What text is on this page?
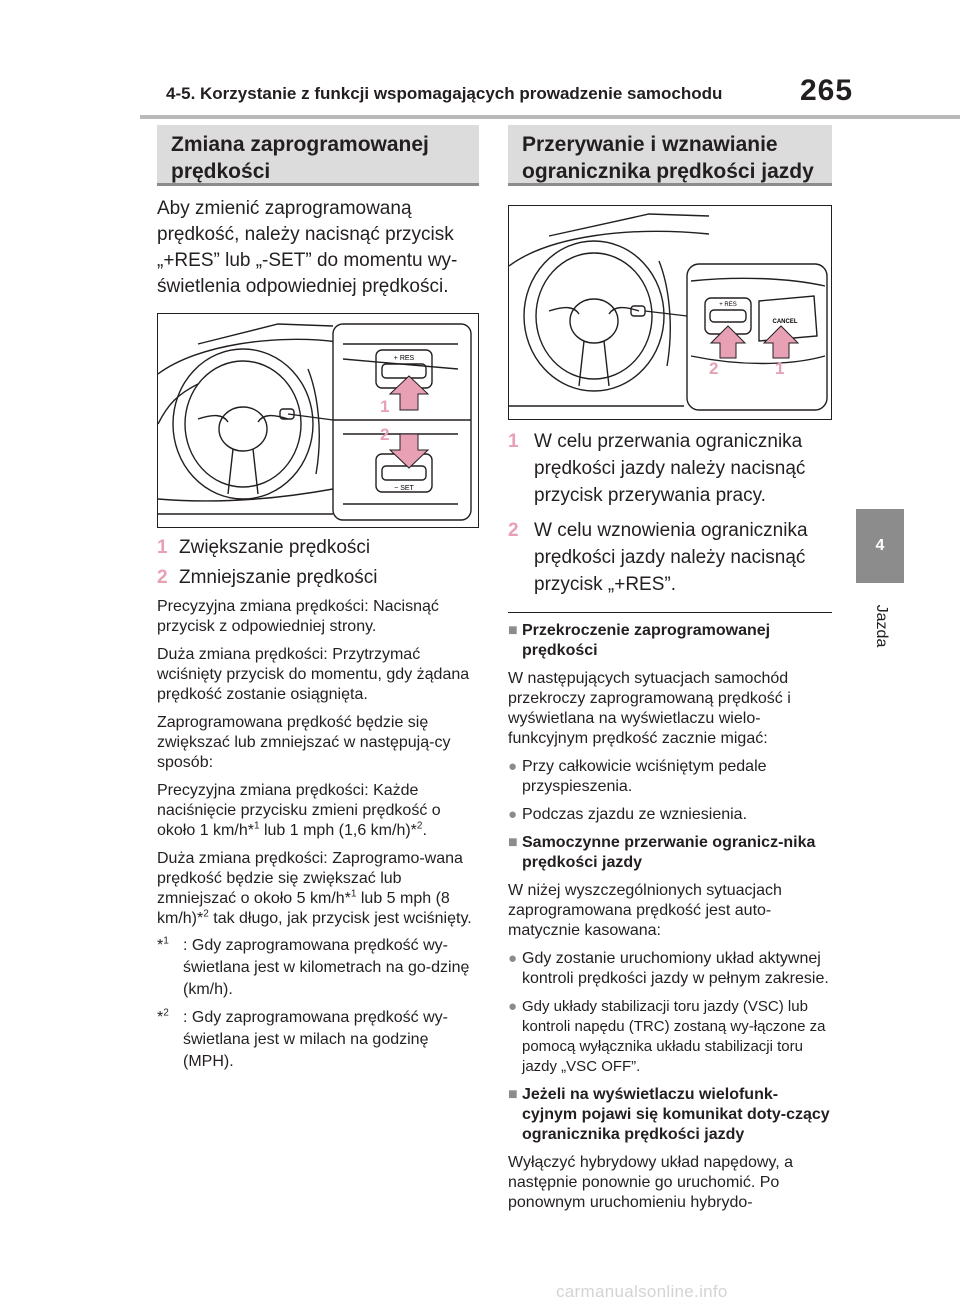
4-5. Korzystanie z funkcji wspomagających prowadzenie samochodu	265
4
Jazda
Zmiana zaprogramowanej prędkości
Aby zmienić zaprogramowaną prędkość, należy nacisnąć przycisk „+RES” lub „-SET” do momentu wy-świetlenia odpowiedniej prędkości.
+ RES
− SET
1
2
1 Zwiększanie prędkości
2 Zmniejszanie prędkości
Precyzyjna zmiana prędkości: Nacisnąć przycisk z odpowiedniej strony.
Duża zmiana prędkości: Przytrzymać wciśnięty przycisk do momentu, gdy żądana prędkość zostanie osiągnięta.
Zaprogramowana prędkość będzie się zwiększać lub zmniejszać w następują-cy sposób:
Precyzyjna zmiana prędkości: Każde naciśnięcie przycisku zmieni prędkość o około 1 km/h*$^1$ lub 1 mph (1,6 km/h)*$^2$.
Duża zmiana prędkości: Zaprogramo-wana prędkość będzie się zwiększać lub zmniejszać o około 5 km/h*$^1$ lub 5 mph (8 km/h)*$^2$ tak długo, jak przycisk jest wciśnięty.
*$^1$ : Gdy zaprogramowana prędkość wy-świetlana jest w kilometrach na go-dzinę (km/h).
*$^2$ : Gdy zaprogramowana prędkość wy-świetlana jest w milach na godzinę (MPH).
Przerywanie i wznawianie ogranicznika prędkości jazdy
+ RES
CANCEL
2	1
1 W celu przerwania ogranicznika prędkości jazdy należy nacisnąć przycisk przerywania pracy.
2 W celu wznowienia ogranicznika prędkości jazdy należy nacisnąć przycisk „+RES”.
■ Przekroczenie zaprogramowanej prędkości
W następujących sytuacjach samochód przekroczy zaprogramowaną prędkość i wyświetlana na wyświetlaczu wielo-funkcyjnym prędkość zacznie migać:
● Przy całkowicie wciśniętym pedale przyspieszenia.
● Podczas zjazdu ze wzniesienia.
■ Samoczynne przerwanie ogranicz-nika prędkości jazdy
W niżej wyszczególnionych sytuacjach zaprogramowana prędkość jest auto-matycznie kasowana:
● Gdy zostanie uruchomiony układ aktywnej kontroli prędkości jazdy w pełnym zakresie.
● Gdy układy stabilizacji toru jazdy (VSC) lub kontroli napędu (TRC) zostaną wy-łączone za pomocą wyłącznika układu stabilizacji toru jazdy „VSC OFF”.
■ Jeżeli na wyświetlaczu wielofunk-cyjnym pojawi się komunikat doty-czący ogranicznika prędkości jazdy
Wyłączyć hybrydowy układ napędowy, a następnie ponownie go uruchomić. Po ponownym uruchomieniu hybrydo-
carmanualsonline.info
